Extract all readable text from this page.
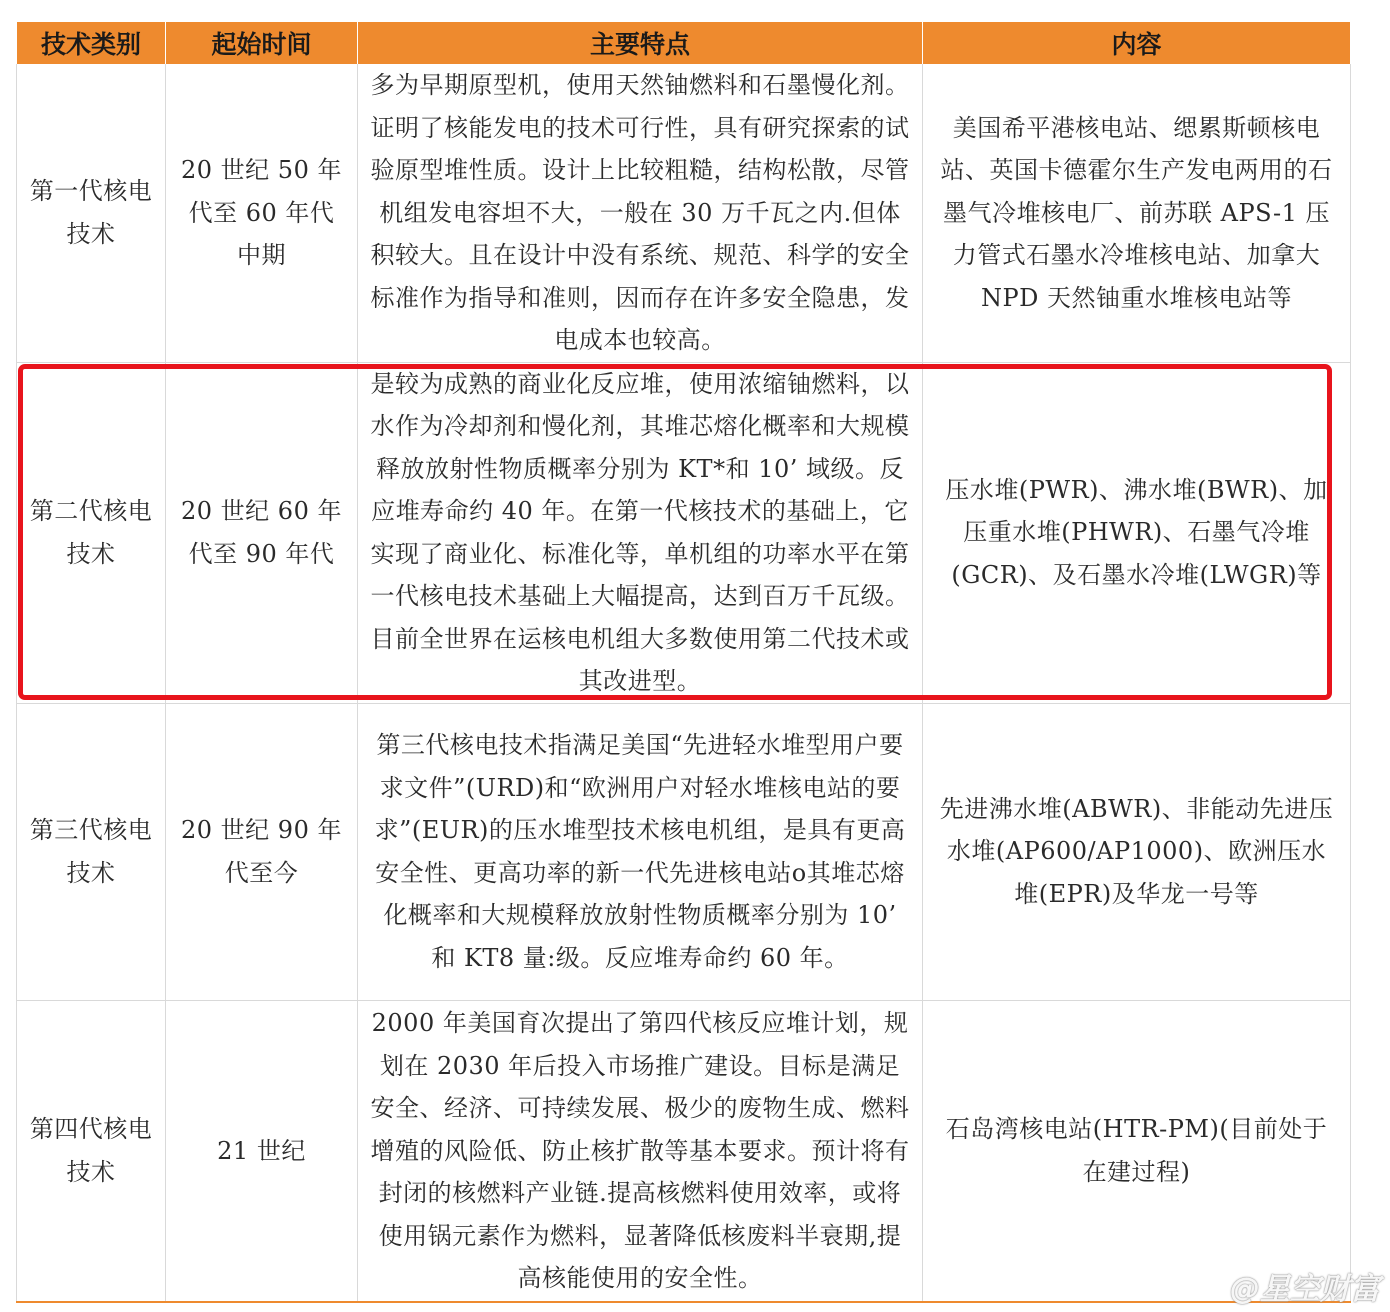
技术类别	起始时间	主要特点	内容
第一代核电技术	20 世纪 50 年代至 60 年代中期	多为早期原型机，使用天然铀燃料和石墨慢化剂。证明了核能发电的技术可行性，具有研究探索的试验原型堆性质。设计上比较粗糙，结构松散，尽管机组发电容坦不大，一般在 30 万千瓦之内.但体积较大。且在设计中没有系统、规范、科学的安全标准作为指导和准则，因而存在许多安全隐患，发电成本也较高。	美国希平港核电站、缌累斯顿核电站、英国卡德霍尔生产发电两用的石墨气冷堆核电厂、前苏联 APS-1 压力管式石墨水冷堆核电站、加拿大 NPD 天然铀重水堆核电站等
第二代核电技术	20 世纪 60 年代至 90 年代	是较为成熟的商业化反应堆，使用浓缩铀燃料，以水作为冷却剂和慢化剂，其堆芯熔化概率和大规模释放放射性物质概率分别为 KT*和 10’ 域级。反应堆寿命约 40 年。在第一代核技术的基础上，它实现了商业化、标准化等，单机组的功率水平在第一代核电技术基础上大幅提高，达到百万千瓦级。目前全世界在运核电机组大多数使用第二代技术或其改进型。	压水堆(PWR)、沸水堆(BWR)、加压重水堆(PHWR)、石墨气冷堆(GCR)、及石墨水冷堆(LWGR)等
第三代核电技术	20 世纪 90 年代至今	第三代核电技术指满足美国“先进轻水堆型用户要求文件”(URD)和“欧洲用户对轻水堆核电站的要求”(EUR)的压水堆型技术核电机组，是具有更高安全性、更高功率的新一代先进核电站o其堆芯熔化概率和大规模释放放射性物质概率分别为 10’ 和 KT8 量:级。反应堆寿命约 60 年。	先进沸水堆(ABWR)、非能动先进压水堆(AP600/AP1000)、欧洲压水堆(EPR)及华龙一号等
第四代核电技术	21 世纪	2000 年美国育次提出了第四代核反应堆计划，规划在 2030 年后投入市场推广建设。目标是满足安全、经济、可持续发展、极少的废物生成、燃料增殖的风险低、防止核扩散等基本要求。预计将有封闭的核燃料产业链.提高核燃料使用效率，或将使用锅元素作为燃料，显著降低核废料半衰期,提高核能使用的安全性。	石岛湾核电站(HTR-PM)(目前处于在建过程)
@星空财富
